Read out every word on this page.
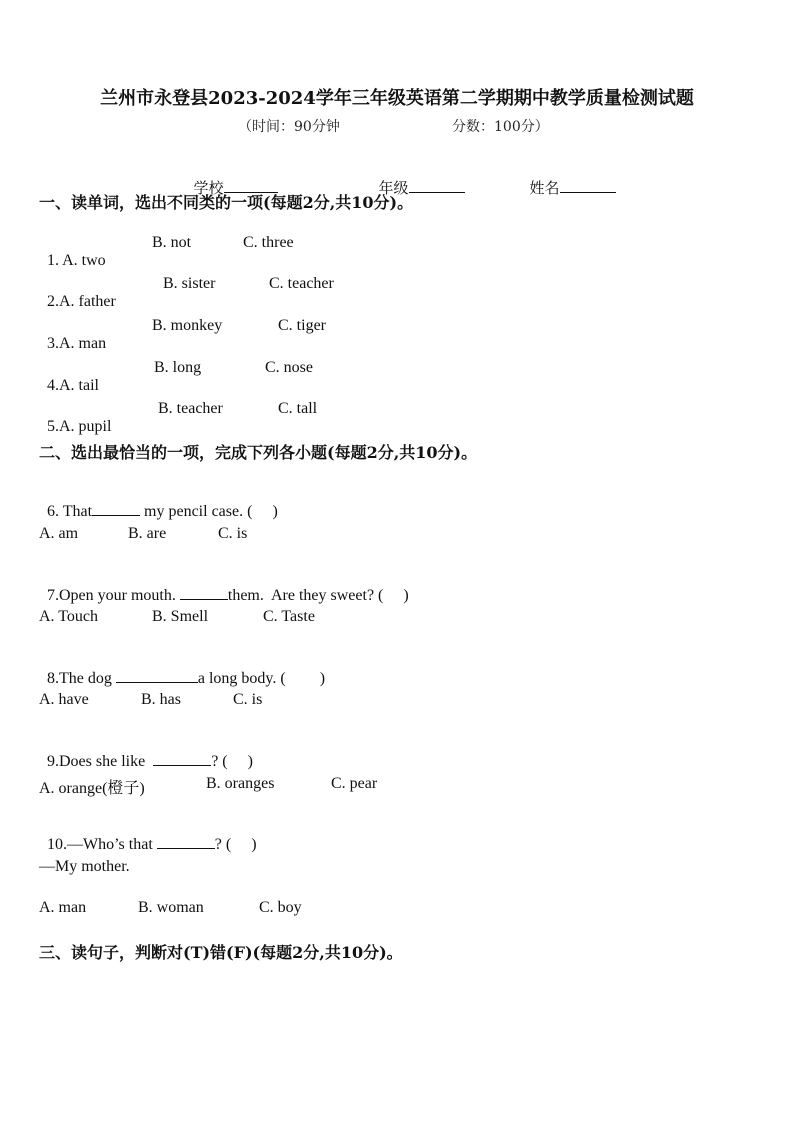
兰州市永登县2023-2024学年三年级英语第二学期期中教学质量检测试题
（时间：90分钟	分数：100分）

学校	年级	姓名

一、读单词，选出不同类的一项(每题2分,共10分)。

1. A. two

B. not	C. three

2.A. father

B. sister	C. teacher

3.A. man

B. monkey	C. tiger

4.A. tail

B. long	C. nose

5.A. pupil

B. teacher	C. tall
二、选出最恰当的一项，完成下列各小题(每题2分,共10分)。

6. That	my pencil case. ( )

A. am	B. are	C. is

7.Open your mouth.	them.  Are they sweet? ( )

A. Touch	B. Smell	C. Taste

8.The dog	a long body. ( )

A. have	B. has	C. is

9.Does she like	? ( )

A. orange(橙子)	B. oranges	C. pear

10.—Who’s that	? ( )

—My mother.
A. man	B. woman	C. boy
三、读句子，判断对(T)错(F)(每题2分,共10分)。
